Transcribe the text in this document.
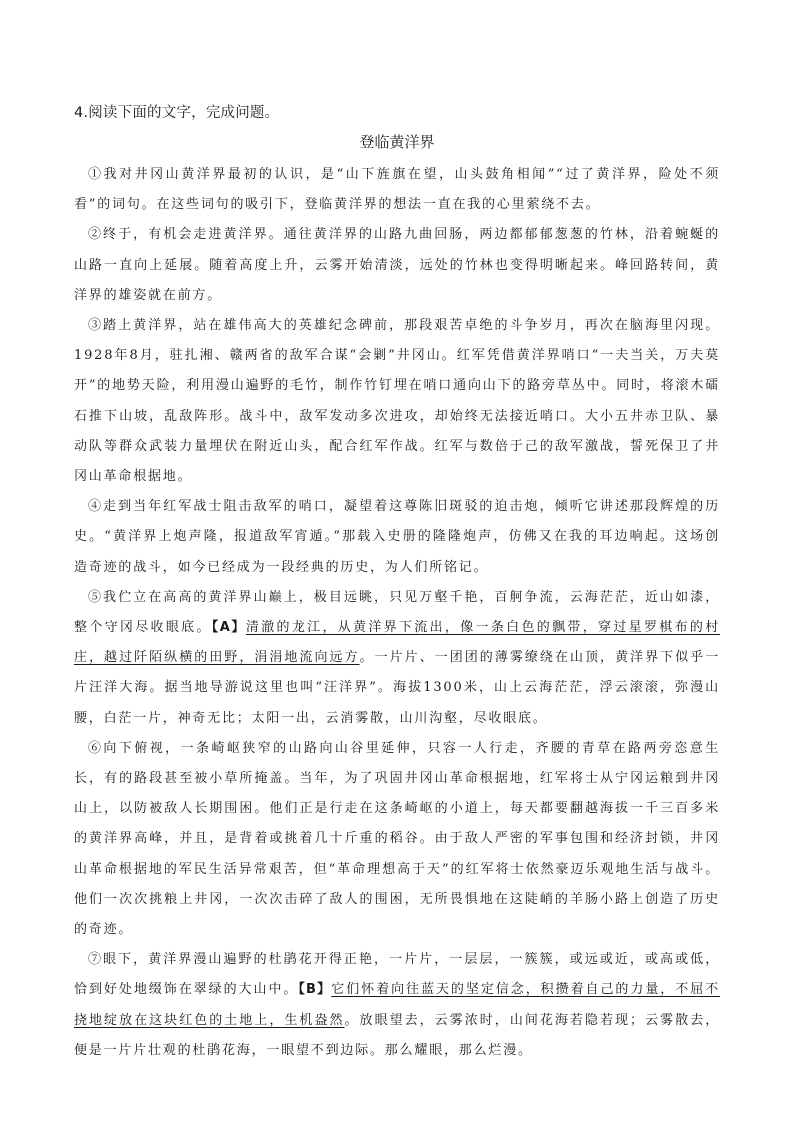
4.阅读下面的文字，完成问题。
登临黄洋界

①我对井冈山黄洋界最初的认识，是“山下旌旗在望，山头鼓角相闻”“过了黄洋界，险处不须看”的词句。在这些词句的吸引下，登临黄洋界的想法一直在我的心里萦绕不去。

②终于，有机会走进黄洋界。通往黄洋界的山路九曲回肠，两边都郁郁葱葱的竹林，沿着蜿蜒的山路一直向上延展。随着高度上升，云雾开始清淡，远处的竹林也变得明晰起来。峰回路转间，黄洋界的雄姿就在前方。

③踏上黄洋界，站在雄伟高大的英雄纪念碑前，那段艰苦卓绝的斗争岁月，再次在脑海里闪现。1928年8月，驻扎湘、赣两省的敌军合谋“会剿”井冈山。红军凭借黄洋界哨口“一夫当关，万夫莫开”的地势天险，利用漫山遍野的毛竹，制作竹钉埋在哨口通向山下的路旁草丛中。同时，将滚木礌石推下山坡，乱敌阵形。战斗中，敌军发动多次进攻，却始终无法接近哨口。大小五井赤卫队、暴动队等群众武装力量埋伏在附近山头，配合红军作战。红军与数倍于己的敌军激战，誓死保卫了井冈山革命根据地。

④走到当年红军战士阻击敌军的哨口，凝望着这尊陈旧斑驳的迫击炮，倾听它讲述那段辉煌的历史。“黄洋界上炮声隆，报道敌军宵遁。”那载入史册的隆隆炮声，仿佛又在我的耳边响起。这场创造奇迹的战斗，如今已经成为一段经典的历史，为人们所铭记。

⑤我伫立在高高的黄洋界山巅上，极目远眺，只见万壑千艳，百舸争流，云海茫茫，近山如漆，整个守冈尽收眼底。【A】清澈的龙江，从黄洋界下流出，像一条白色的飘带，穿过星罗棋布的村庄，越过阡陌纵横的田野，涓涓地流向远方。一片片、一团团的薄雾缭绕在山顶，黄洋界下似乎一片汪洋大海。据当地导游说这里也叫“汪洋界”。海拔1300米，山上云海茫茫，浮云滚滚，弥漫山腰，白茫一片，神奇无比；太阳一出，云消雾散，山川沟壑，尽收眼底。

⑥向下俯视，一条崎岖狭窄的山路向山谷里延伸，只容一人行走，齐腰的青草在路两旁恣意生长，有的路段甚至被小草所掩盖。当年，为了巩固井冈山革命根据地，红军将士从宁冈运粮到井冈山上，以防被敌人长期围困。他们正是行走在这条崎岖的小道上，每天都要翻越海拔一千三百多米的黄洋界高峰，并且，是背着或挑着几十斤重的稻谷。由于敌人严密的军事包围和经济封锁，井冈山革命根据地的军民生活异常艰苦，但“革命理想高于天”的红军将士依然豪迈乐观地生活与战斗。他们一次次挑粮上井冈，一次次击碎了敌人的围困，无所畏惧地在这陡峭的羊肠小路上创造了历史的奇迹。

⑦眼下，黄洋界漫山遍野的杜鹃花开得正艳，一片片，一层层，一簇簇，或远或近，或高或低，恰到好处地缀饰在翠绿的大山中。【B】它们怀着向往蓝天的坚定信念，积攒着自己的力量，不屈不挠地绽放在这块红色的土地上，生机盎然。放眼望去，云雾浓时，山间花海若隐若现；云雾散去，便是一片片壮观的杜鹃花海，一眼望不到边际。那么耀眼，那么烂漫。
